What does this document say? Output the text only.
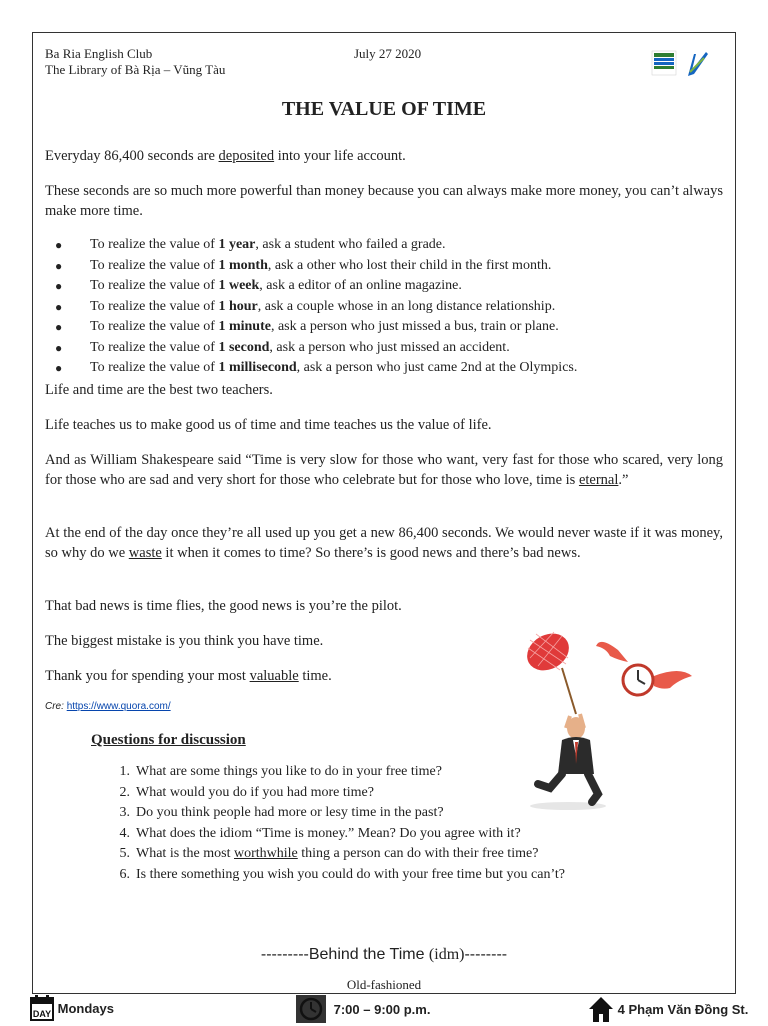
Ba Ria English Club
The Library of Bà Rịa – Vũng Tàu
July 27 2020
THE VALUE OF TIME
Everyday 86,400 seconds are deposited into your life account.
These seconds are so much more powerful than money because you can always make more money, you can’t always make more time.
● To realize the value of 1 year, ask a student who failed a grade.
● To realize the value of 1 month, ask a other who lost their child in the first month.
● To realize the value of 1 week, ask a editor of an online magazine.
● To realize the value of 1 hour, ask a couple whose in an long distance relationship.
● To realize the value of 1 minute, ask a person who just missed a bus, train or plane.
● To realize the value of 1 second, ask a person who just missed an accident.
● To realize the value of 1 millisecond, ask a person who just came 2nd at the Olympics.
Life and time are the best two teachers.
Life teaches us to make good us of time and time teaches us the value of life.
And as William Shakespeare said “Time is very slow for those who want, very fast for those who scared, very long for those who are sad and very short for those who celebrate but for those who love, time is eternal.”
At the end of the day once they’re all used up you get a new 86,400 seconds. We would never waste if it was money, so why do we waste it when it comes to time? So there’s is good news and there’s bad news.
That bad news is time flies, the good news is you’re the pilot.
The biggest mistake is you think you have time.
Thank you for spending your most valuable time.
Cre: https://www.quora.com/
Questions for discussion
1. What are some things you like to do in your free time?
2. What would you do if you had more time?
3. Do you think people had more or lesy time in the past?
4. What does the idiom “Time is money.” Mean? Do you agree with it?
5. What is the most worthwhile thing a person can do with their free time?
6. Is there something you wish you could do with your free time but you can’t?
---------Behind the Time (idm)--------
Old-fashioned
DAY Mondays	7:00 – 9:00 p.m.	4 Phạm Văn Đồng St.
